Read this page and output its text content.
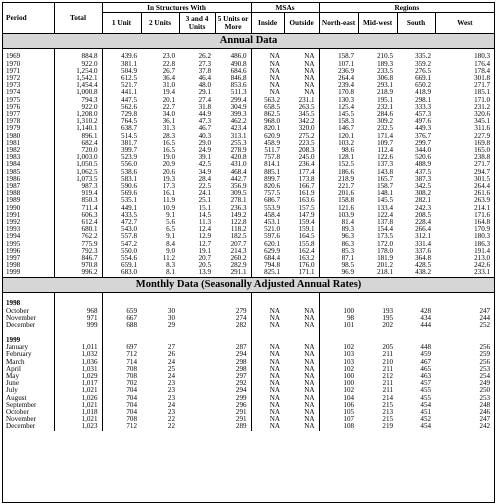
Period	Total	In Structures With				MSAs		Regions			
		1 Unit	2 Units	3 and 4 Units	5 Units or More	Inside	Outside	North-east	Mid-west	South	West
Annual Data											
1969	884.8	439.6	23.0	26.2	486.0	NA	NA	158.7	210.5	335.2	180.3
1970	922.0	381.1	22.8	27.3	490.8	NA	NA	107.1	189.3	359.2	176.4
1971	1,254.0	504.9	26.7	37.8	684.6	NA	NA	236.9	233.5	276.5	178.4
1972	1,542.1	612.5	36.4	46.4	846.8	NA	NA	264.4	306.8	669.1	301.8
1973	1,454.4	521.7	31.0	48.0	853.6	NA	NA	239.4	293.1	650.2	271.7
1974	1,000.8	441.1	19.4	29.1	511.3	NA	NA	170.8	218.9	418.9	185.1
1975	794.3	447.5	20.1	27.4	299.4	563.2	231.1	130.3	195.1	298.1	171.0
1976	922.0	562.6	22.7	31.8	304.9	658.5	263.5	125.4	232.1	333.3	231.2
1977	1,208.0	729.8	34.0	44.9	399.3	862.5	345.5	145.5	284.6	457.3	320.6
1978	1,310.2	764.5	36.1	47.3	462.2	968.0	342.2	158.3	309.2	497.6	345.1
1979	1,140.1	638.7	31.3	46.7	423.4	820.1	320.0	146.7	232.5	449.3	311.6
1980	896.1	514.5	28.3	40.3	313.1	620.9	275.2	120.1	171.4	376.7	227.9
1981	682.4	381.7	16.5	29.0	255.3	458.9	223.5	103.2	109.7	299.7	169.8
1982	720.0	399.7	16.5	24.9	278.9	511.7	208.3	98.6	112.4	344.0	165.0
1983	1,003.0	523.9	19.0	39.1	420.8	757.8	245.0	128.1	122.6	520.6	238.8
1984	1,050.5	556.0	20.9	42.5	431.0	814.1	236.4	152.5	137.3	488.9	271.7
1985	1,062.5	538.6	20.6	34.9	468.4	885.1	177.4	186.6	143.8	437.5	294.7
1986	1,073.5	583.1	19.3	28.4	442.7	899.7	173.8	218.9	165.7	387.3	301.5
1987	987.3	590.6	17.3	22.5	356.9	820.6	166.7	221.7	158.7	342.5	264.4
1988	919.4	569.6	16.1	24.1	309.5	757.5	161.9	201.6	148.1	308.2	261.6
1989	850.3	535.1	11.9	25.1	278.1	686.7	163.6	158.8	145.5	282.1	263.9
1990	711.4	449.1	10.9	15.1	236.3	553.9	157.5	121.6	133.4	242.3	214.1
1991	606.3	433.5	9.1	14.5	149.2	458.4	147.9	103.9	122.4	208.5	171.6
1992	612.4	472.7	5.6	11.3	122.8	453.1	159.4	81.4	137.8	228.4	164.8
1993	680.1	543.0	6.5	12.4	118.2	521.0	159.1	89.3	154.4	266.4	170.9
1994	762.2	557.8	9.1	12.9	182.5	597.6	164.5	96.3	173.5	312.1	180.3
1995	775.9	547.2	8.4	12.7	207.7	620.1	155.8	86.3	172.0	331.4	186.3
1996	792.3	550.0	9.0	19.1	214.3	629.9	162.4	85.3	178.0	337.6	191.4
1997	846.7	554.6	11.2	20.7	260.2	684.4	163.2	87.1	181.9	364.8	213.0
1998	970.8	659.1	8.3	20.5	282.9	794.8	176.0	98.5	201.2	428.5	242.6
1999	996.2	683.0	8.1	13.9	291.1	825.1	171.1	96.9	218.1	438.2	233.1
Monthly Data (Seasonally Adjusted Annual Rates)											

1998											
October	968	659	30		279	NA	NA	100	193	428	247
November	971	667	30		274	NA	NA	98	195	434	244
December	999	688	29		282	NA	NA	101	202	444	252

1999											
January	1,011	697	27		287	NA	NA	102	205	448	256
February	1,032	712	26		294	NA	NA	103	211	459	259
March	1,036	714	24		298	NA	NA	103	210	467	256
April	1,031	708	25		298	NA	NA	102	211	465	253
May	1,029	708	24		297	NA	NA	100	212	463	254
June	1,017	702	23		292	NA	NA	100	211	457	249
July	1,021	704	23		294	NA	NA	102	211	455	250
August	1,026	704	23		299	NA	NA	104	214	455	253
September	1,021	704	24		296	NA	NA	106	215	454	248
October	1,018	704	23		291	NA	NA	105	213	451	246
November	1,021	708	22		291	NA	NA	107	215	452	247
December	1,023	712	22		289	NA	NA	108	219	454	242
